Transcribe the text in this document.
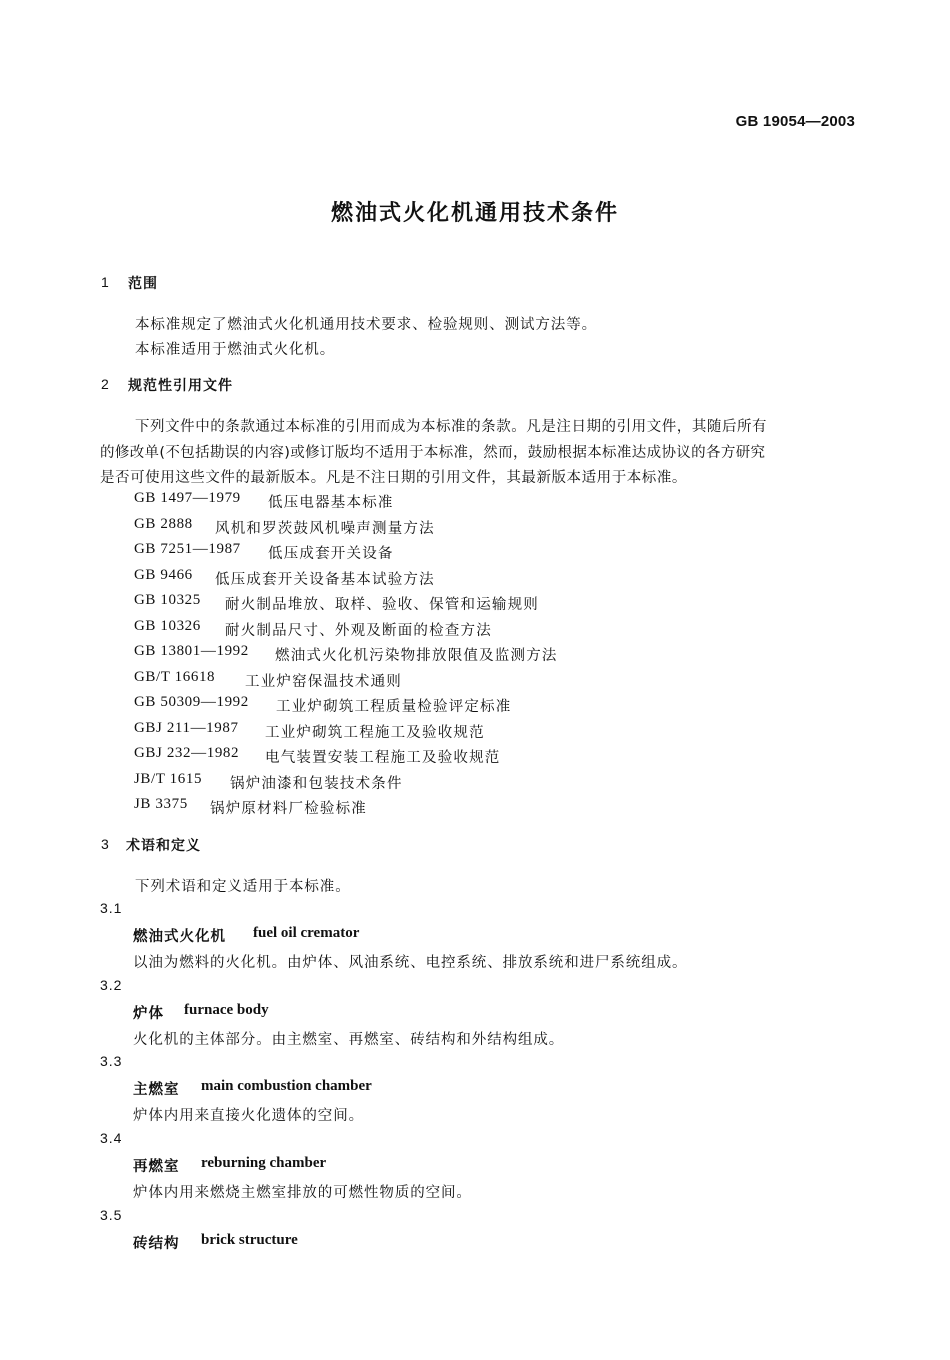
GB 19054—2003
燃油式火化机通用技术条件
1 范围
本标准规定了燃油式火化机通用技术要求、检验规则、测试方法等。
本标准适用于燃油式火化机。
2 规范性引用文件
下列文件中的条款通过本标准的引用而成为本标准的条款。凡是注日期的引用文件，其随后所有
的修改单(不包括勘误的内容)或修订版均不适用于本标准，然而，鼓励根据本标准达成协议的各方研究
是否可使用这些文件的最新版本。凡是不注日期的引用文件，其最新版本适用于本标准。
GB 1497—1979 低压电器基本标准
GB 2888 风机和罗茨鼓风机噪声测量方法
GB 7251—1987 低压成套开关设备
GB 9466 低压成套开关设备基本试验方法
GB 10325 耐火制品堆放、取样、验收、保管和运输规则
GB 10326 耐火制品尺寸、外观及断面的检查方法
GB 13801—1992 燃油式火化机污染物排放限值及监测方法
GB/T 16618 工业炉窑保温技术通则
GB 50309—1992 工业炉砌筑工程质量检验评定标准
GBJ 211—1987 工业炉砌筑工程施工及验收规范
GBJ 232—1982 电气装置安装工程施工及验收规范
JB/T 1615 锅炉油漆和包装技术条件
JB 3375 锅炉原材料厂检验标准
3 术语和定义
下列术语和定义适用于本标准。
3.1
燃油式火化机 fuel oil cremator
以油为燃料的火化机。由炉体、风油系统、电控系统、排放系统和进尸系统组成。
3.2
炉体 furnace body
火化机的主体部分。由主燃室、再燃室、砖结构和外结构组成。
3.3
主燃室 main combustion chamber
炉体内用来直接火化遗体的空间。
3.4
再燃室 reburning chamber
炉体内用来燃烧主燃室排放的可燃性物质的空间。
3.5
砖结构 brick structure
